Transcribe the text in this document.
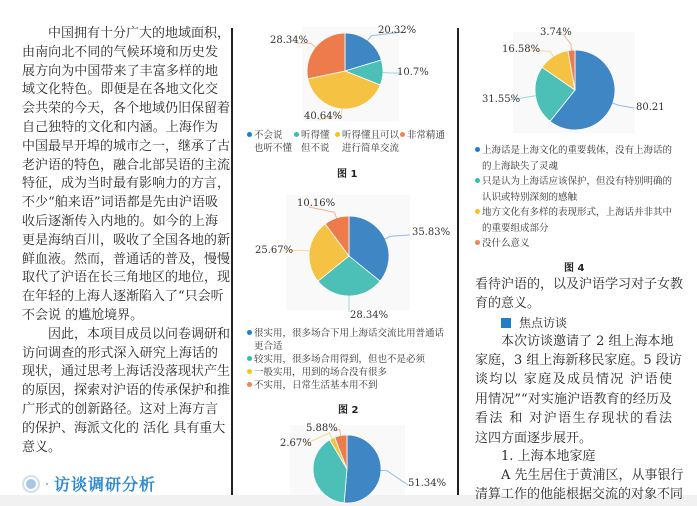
中国拥有十分广大的地域面积，
由南向北不同的气候环境和历史发
展方向为中国带来了丰富多样的地
域文化特色。即便是在各地文化交
会共荣的今天，各个地域仍旧保留着
自己独特的文化和内涵。上海作为
中国最早开埠的城市之一，继承了古
老沪语的特色，融合北部吴语的主流
特征，成为当时最有影响力的方言，
不少“舶来语”词语都是先由沪语吸
收后逐渐传入内地的。如今的上海
更是海纳百川，吸收了全国各地的新
鲜血液。然而，普通话的普及，慢慢
取代了沪语在长三角地区的地位，现
在年轻的上海人逐渐陷入了“只会听
不会说 的尴尬境界。
因此，本项目成员以问卷调研和
访问调查的形式深入研究上海话的
现状，通过思考上海话没落现状产生
的原因，探索对沪语的传承保护和推
广形式的创新路径。这对上海方言
的保护、海派文化的 活化 具有重大
意义。
访谈调研分析
20.32%
10.7%
40.64%
28.34%
35.83%
28.34%
25.67%
10.16%
51.34%
2.67%
5.88%
80.21
31.55%
16.58%
3.74%
不会说
也听不懂
听得懂
但不说
听得懂且可以
进行简单交流
非常精通
图 1
很实用，很多场合下用上海话交流比用普通话
更合适
较实用，很多场合用得到，但也不是必须
一般实用，用到的场合没有很多
不实用，日常生活基本用不到
图 2
上海话是上海文化的重要载体，没有上海话的
的上海缺失了灵魂
只是认为上海话应该保护，但没有特别明确的
认识或特别深刻的感触
地方文化有多样的表现形式，上海话并非其中
的重要组成部分
没什么意义
图 4
看待沪语的，以及沪语学习对子女教
育的意义。
焦点访谈
本次访谈邀请了 2 组上海本地
家庭，3 组上海新移民家庭。5 段访
谈均以 家庭及成员情况 沪语使
用情况”“对实施沪语教育的经历及
看法 和 对沪语生存现状的看法
这四方面逐步展开。
1. 上海本地家庭
A 先生居住于黄浦区，从事银行
清算工作的他能根据交流的对象不同
